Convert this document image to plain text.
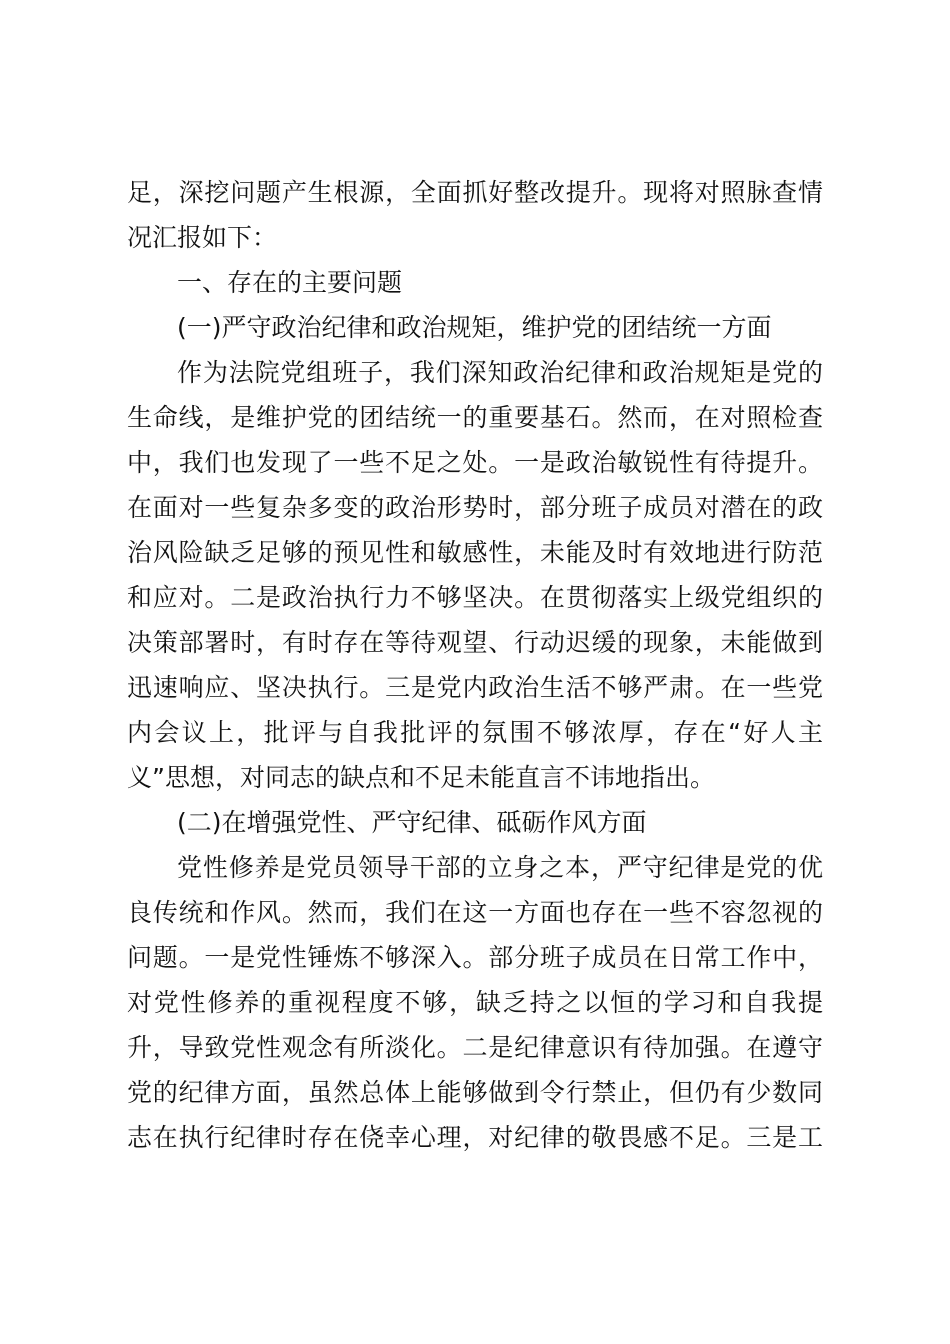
足，深挖问题产生根源，全面抓好整改提升。现将对照脉查情
况汇报如下：
一、存在的主要问题
(一)严守政治纪律和政治规矩，维护党的团结统一方面
作为法院党组班子，我们深知政治纪律和政治规矩是党的
生命线，是维护党的团结统一的重要基石。然而，在对照检查
中，我们也发现了一些不足之处。一是政治敏锐性有待提升。
在面对一些复杂多变的政治形势时，部分班子成员对潜在的政
治风险缺乏足够的预见性和敏感性，未能及时有效地进行防范
和应对。二是政治执行力不够坚决。在贯彻落实上级党组织的
决策部署时，有时存在等待观望、行动迟缓的现象，未能做到
迅速响应、坚决执行。三是党内政治生活不够严肃。在一些党
内会议上，批评与自我批评的氛围不够浓厚，存在“好人主
义”思想，对同志的缺点和不足未能直言不讳地指出。
(二)在增强党性、严守纪律、砥砺作风方面
党性修养是党员领导干部的立身之本，严守纪律是党的优
良传统和作风。然而，我们在这一方面也存在一些不容忽视的
问题。一是党性锤炼不够深入。部分班子成员在日常工作中，
对党性修养的重视程度不够，缺乏持之以恒的学习和自我提
升，导致党性观念有所淡化。二是纪律意识有待加强。在遵守
党的纪律方面，虽然总体上能够做到令行禁止，但仍有少数同
志在执行纪律时存在侥幸心理，对纪律的敬畏感不足。三是工
